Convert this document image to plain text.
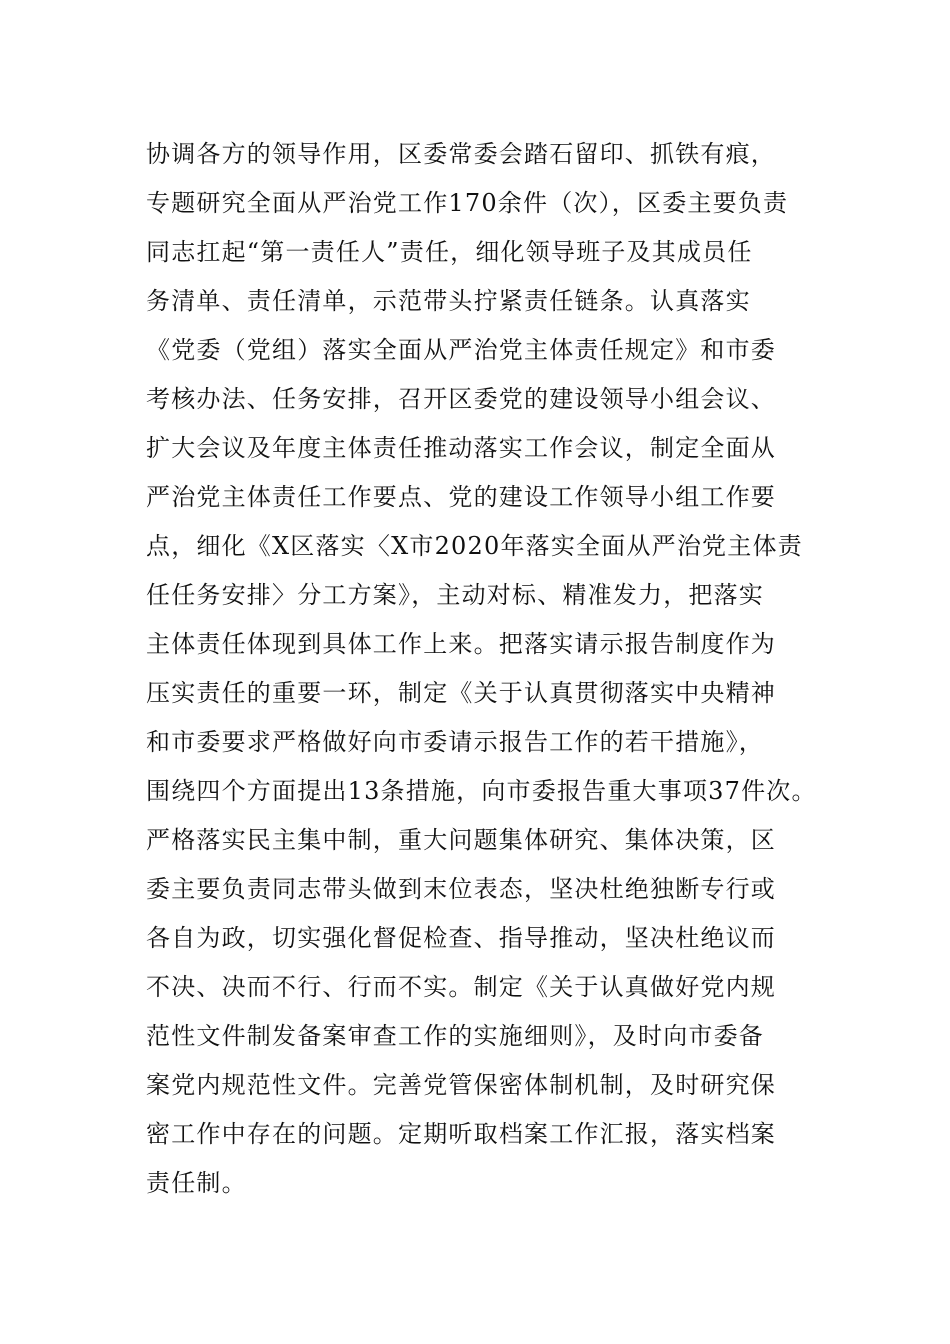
协调各方的领导作用，区委常委会踏石留印、抓铁有痕，
专题研究全面从严治党工作170余件（次），区委主要负责
同志扛起“第一责任人”责任，细化领导班子及其成员任
务清单、责任清单，示范带头拧紧责任链条。认真落实
《党委（党组）落实全面从严治党主体责任规定》和市委
考核办法、任务安排，召开区委党的建设领导小组会议、
扩大会议及年度主体责任推动落实工作会议，制定全面从
严治党主体责任工作要点、党的建设工作领导小组工作要
点，细化《X区落实〈X市2020年落实全面从严治党主体责
任任务安排〉分工方案》，主动对标、精准发力，把落实
主体责任体现到具体工作上来。把落实请示报告制度作为
压实责任的重要一环，制定《关于认真贯彻落实中央精神
和市委要求严格做好向市委请示报告工作的若干措施》，
围绕四个方面提出13条措施，向市委报告重大事项37件次。
严格落实民主集中制，重大问题集体研究、集体决策，区
委主要负责同志带头做到末位表态，坚决杜绝独断专行或
各自为政，切实强化督促检查、指导推动，坚决杜绝议而
不决、决而不行、行而不实。制定《关于认真做好党内规
范性文件制发备案审查工作的实施细则》，及时向市委备
案党内规范性文件。完善党管保密体制机制，及时研究保
密工作中存在的问题。定期听取档案工作汇报，落实档案
责任制。
